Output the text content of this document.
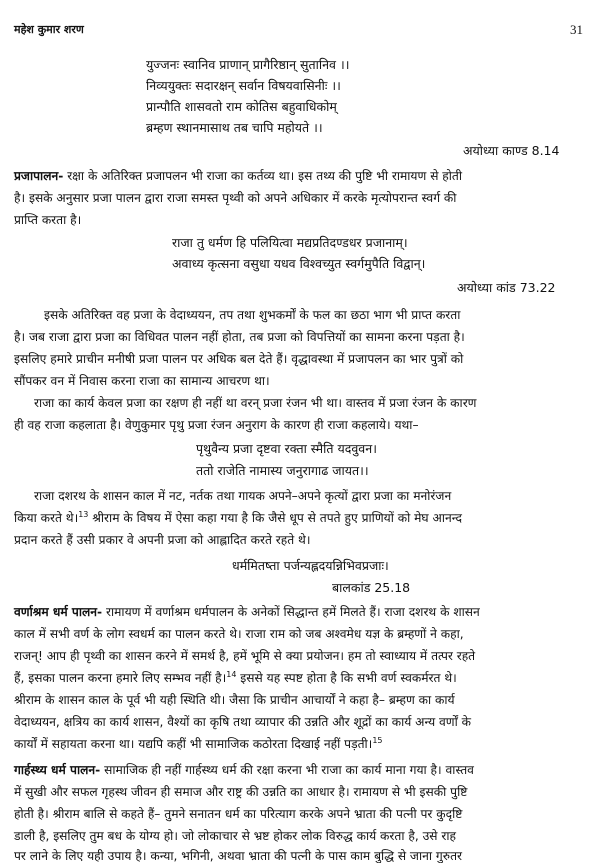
महेश कुमार शरण	31
युज्जनः स्वानिव प्राणान् प्रागैरिष्ठान् सुतानिव ।।
निव्ययुक्तः सदारक्षन् सर्वान विषयवासिनीः ।।
प्रान्पौति शासवतो राम कोतिस बहुवाधिकोम्
ब्रम्हण स्थानमासाथ तब चापि महोयते ।।
अयोध्या काण्ड 8.14
प्रजापालन- रक्षा के अतिरिक्त प्रजापलन भी राजा का कर्तव्य था। इस तथ्य की पुष्टि भी रामायण से होती
है। इसके अनुसार प्रजा पालन द्वारा राजा समस्त पृथ्वी को अपने अधिकार में करके मृत्योपरान्त स्वर्ग की
प्राप्ति करता है।
राजा तु धर्मण हि पलियित्वा मद्यप्रतिदण्डधर प्रजानाम्।
अवाध्य कृत्सना वसुधा यधव विश्वच्युत स्वर्गमुपैति विद्वान्।
अयोध्या कांड 73.22
इसके अतिरिक्त वह प्रजा के वेदाध्ययन, तप तथा शुभकर्मों के फल का छठा भाग भी प्राप्त करता
है। जब राजा द्वारा प्रजा का विधिवत पालन नहीं होता, तब प्रजा को विपत्तियों का सामना करना पड़ता है।
इसलिए हमारे प्राचीन मनीषी प्रजा पालन पर अधिक बल देते हैं। वृद्धावस्था में प्रजापलन का भार पुत्रों को
सौंपकर वन में निवास करना राजा का सामान्य आचरण था।
राजा का कार्य केवल प्रजा का रक्षण ही नहीं था वरन् प्रजा रंजन भी था। वास्तव में प्रजा रंजन के कारण
ही वह राजा कहलाता है। वेणुकुमार पृथु प्रजा रंजन अनुराग के कारण ही राजा कहलाये। यथा–
पृथुवैन्य प्रजा दृष्टवा रक्ता स्मैति यदवुवन।
ततो राजेति नामास्य जनुरागाढ जायत।।
राजा दशरथ के शासन काल में नट, नर्तक तथा गायक अपने–अपने कृत्यों द्वारा प्रजा का मनोरंजन
किया करते थे।$^{13}$ श्रीराम के विषय में ऐसा कहा गया है कि जैसे धूप से तपते हुए प्राणियों को मेघ आनन्द
प्रदान करते हैं उसी प्रकार वे अपनी प्रजा को आह्लादित करते रहते थे।
धर्ममितष्ता पर्जन्यह्लदयन्निभिवप्रजाः।
बालकांड 25.18
वर्णाश्रम धर्म पालन- रामायण में वर्णाश्रम धर्मपालन के अनेकों सिद्धान्त हमें मिलते हैं। राजा दशरथ के शासन
काल में सभी वर्ण के लोग स्वधर्म का पालन करते थे। राजा राम को जब अश्वमेध यज्ञ के ब्रम्हणों ने कहा,
राजन्! आप ही पृथ्वी का शासन करने में समर्थ है, हमें भूमि से क्या प्रयोजन। हम तो स्वाध्याय में तत्पर रहते
हैं, इसका पालन करना हमारे लिए सम्भव नहीं है।$^{14}$ इससे यह स्पष्ट होता है कि सभी वर्ण स्वकर्मरत थे।
श्रीराम के शासन काल के पूर्व भी यही स्थिति थी। जैसा कि प्राचीन आचार्यों ने कहा है– ब्रम्हण का कार्य
वेदाध्ययन, क्षत्रिय का कार्य शासन, वैश्यों का कृषि तथा व्यापार की उन्नति और शूद्रों का कार्य अन्य वर्णों के
कार्यों में सहायता करना था। यद्यपि कहीं भी सामाजिक कठोरता दिखाई नहीं पड़ती।$^{15}$
गार्हस्थ्य धर्म पालन- सामाजिक ही नहीं गार्हस्थ्य धर्म की रक्षा करना भी राजा का कार्य माना गया है। वास्तव
में सुखी और सफल गृहस्थ जीवन ही समाज और राष्ट्र की उन्नति का आधार है। रामायण से भी इसकी पुष्टि
होती है। श्रीराम बालि से कहते हैं– तुमने सनातन धर्म का परित्याग करके अपने भ्राता की पत्नी पर कुदृष्टि
डाली है, इसलिए तुम बध के योग्य हो। जो लोकाचार से भ्रष्ट होकर लोक विरुद्ध कार्य करता है, उसे राह
पर लाने के लिए यही उपाय है। कन्या, भगिनी, अथवा भ्राता की पत्नी के पास काम बुद्धि से जाना गुरुतर
